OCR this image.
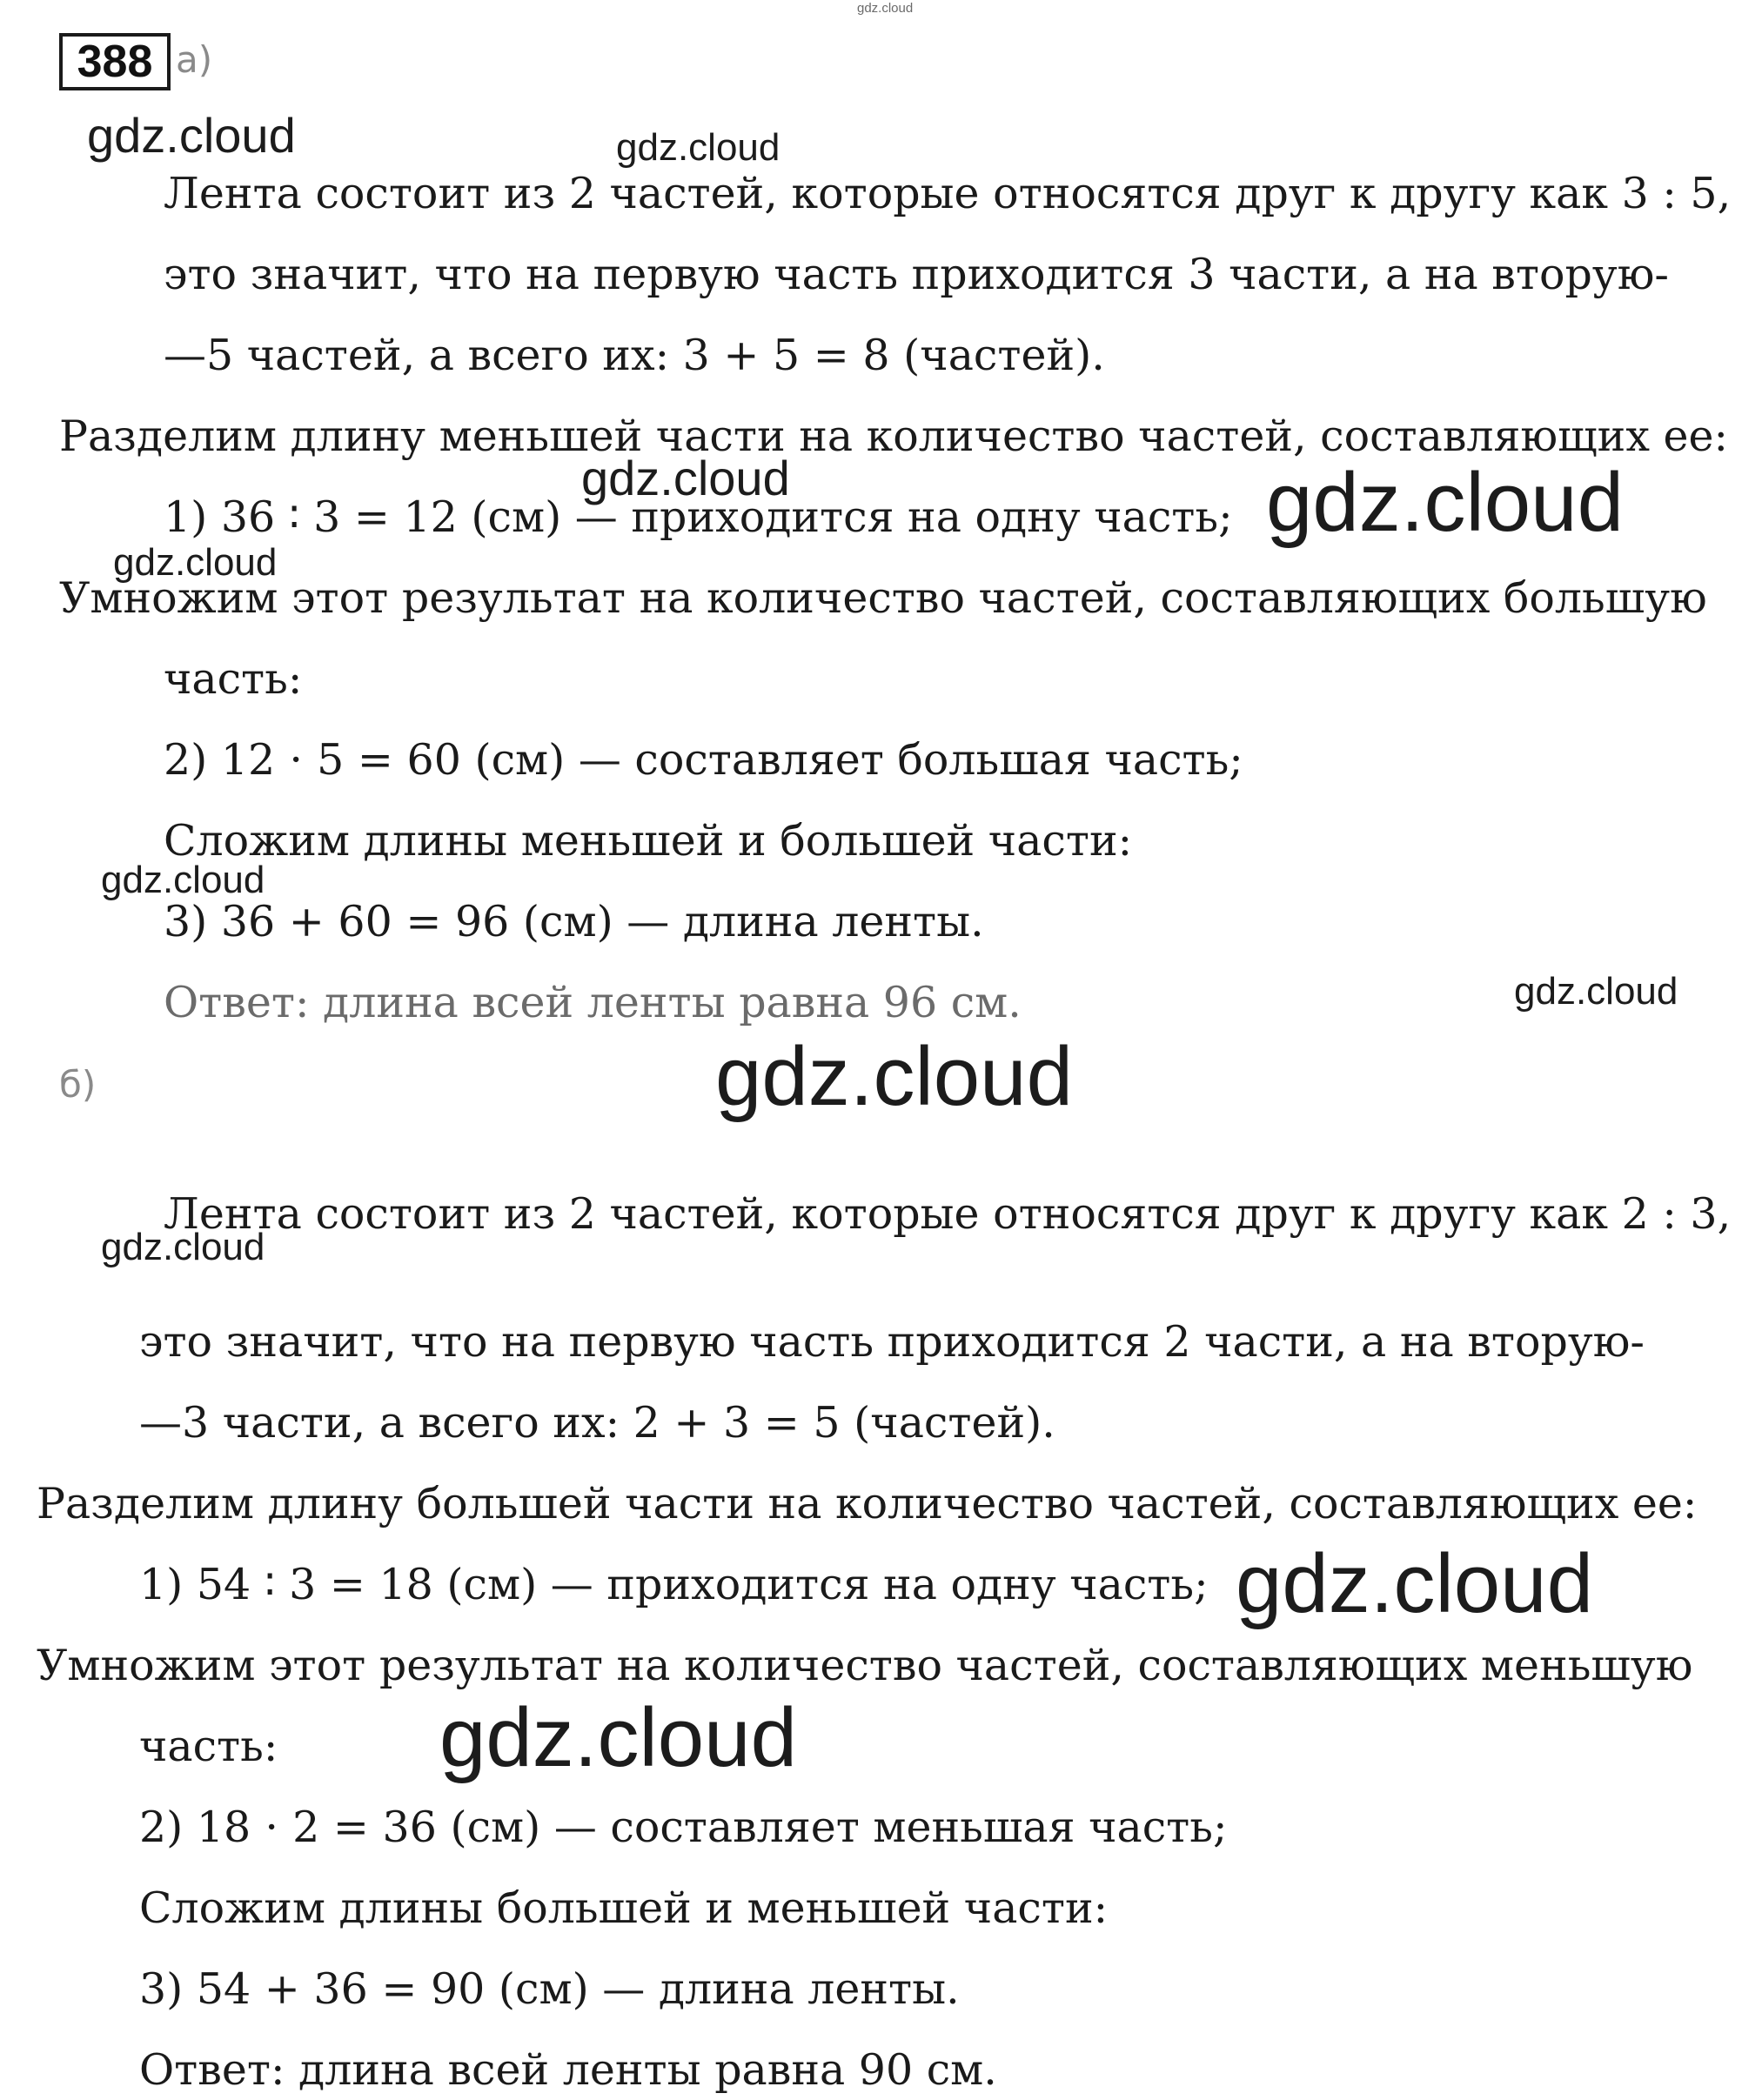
388 а)
gdz.cloud
Лента состоит из 2 частей, которые относятся друг к другу как 3 : 5,
это значит, что на первую часть приходится 3 части, а на вторую-
—5 частей, а всего их: 3 + 5 = 8 (частей).
Разделим длину меньшей части на количество частей, составляющих ее:
1) 36 ∶ 3 = 12 (см) — приходится на одну часть;
Умножим этот результат на количество частей, составляющих большую
часть:
2) 12 ⋅ 5 = 60 (см) — составляет большая часть;
Сложим длины меньшей и большей части:
3) 36 + 60 = 96 (см) — длина ленты.
Ответ: длина всей ленты равна 96 см.
б)
Лента состоит из 2 частей, которые относятся друг к другу как 2 : 3,
это значит, что на первую часть приходится 2 части, а на вторую-
—3 части, а всего их: 2 + 3 = 5 (частей).
Разделим длину большей части на количество частей, составляющих ее:
1) 54 ∶ 3 = 18 (см) — приходится на одну часть;
Умножим этот результат на количество частей, составляющих меньшую
часть:
2) 18 ⋅ 2 = 36 (см) — составляет меньшая часть;
Сложим длины большей и меньшей части:
3) 54 + 36 = 90 (см) — длина ленты.
Ответ: длина всей ленты равна 90 см.
gdz.cloud	gdz.cloud
gdz.cloud	gdz.cloud
gdz.cloud
gdz.cloud
gdz.cloud
gdz.cloud
gdz.cloud
gdz.cloud
gdz.cloud
